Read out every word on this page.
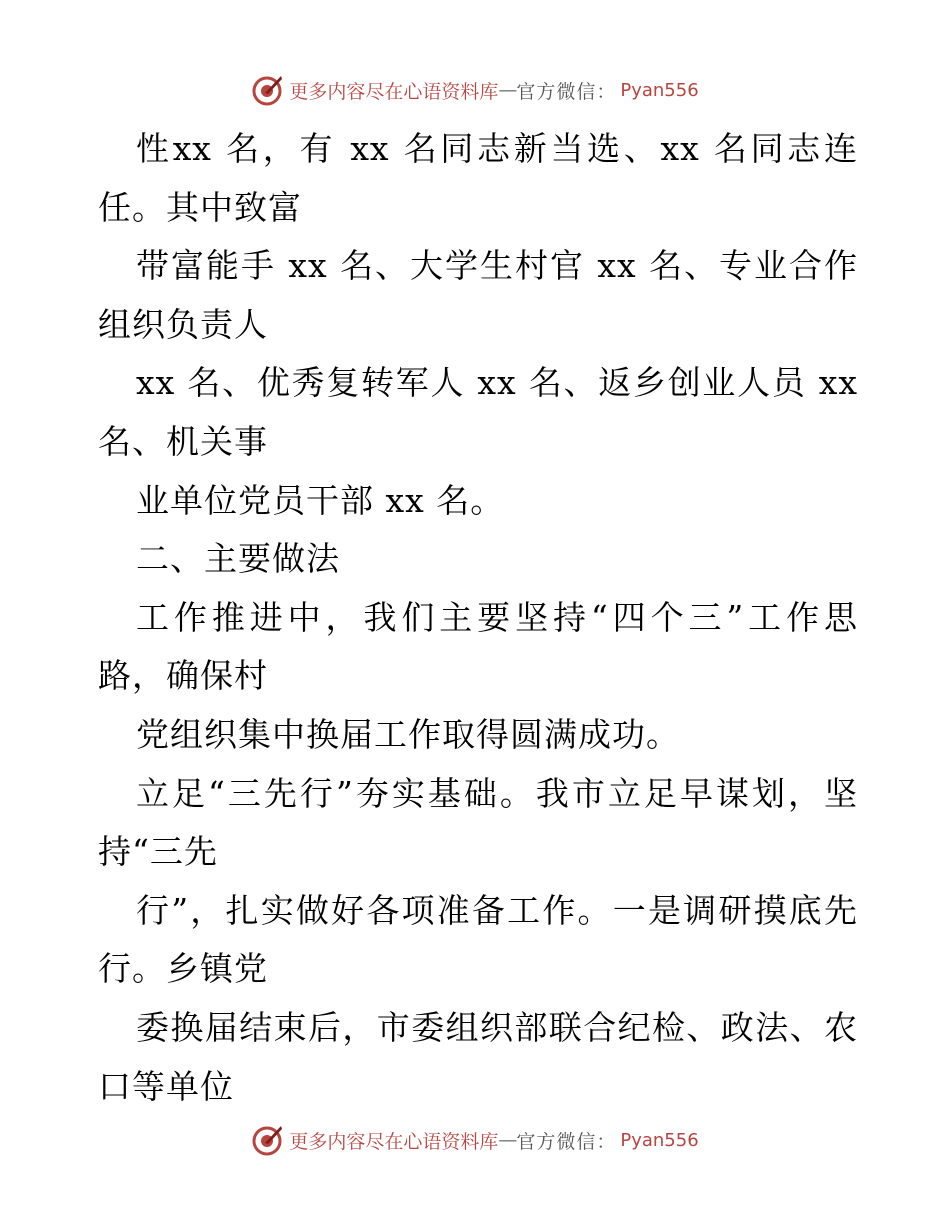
更多内容尽在心语资料库 — 官方微信： Pyan556
性xx 名，有 xx 名同志新当选、xx 名同志连
任。其中致富
带富能手 xx 名、大学生村官 xx 名、专业合作
组织负责人
xx 名、优秀复转军人 xx 名、返乡创业人员 xx
名、机关事
业单位党员干部 xx 名。
二、主要做法
工作推进中，我们主要坚持“四个三”工作思
路，确保村
党组织集中换届工作取得圆满成功。
立足“三先行”夯实基础。我市立足早谋划，坚
持“三先
行”，扎实做好各项准备工作。一是调研摸底先
行。乡镇党
委换届结束后，市委组织部联合纪检、政法、农
口等单位
更多内容尽在心语资料库 — 官方微信： Pyan556
